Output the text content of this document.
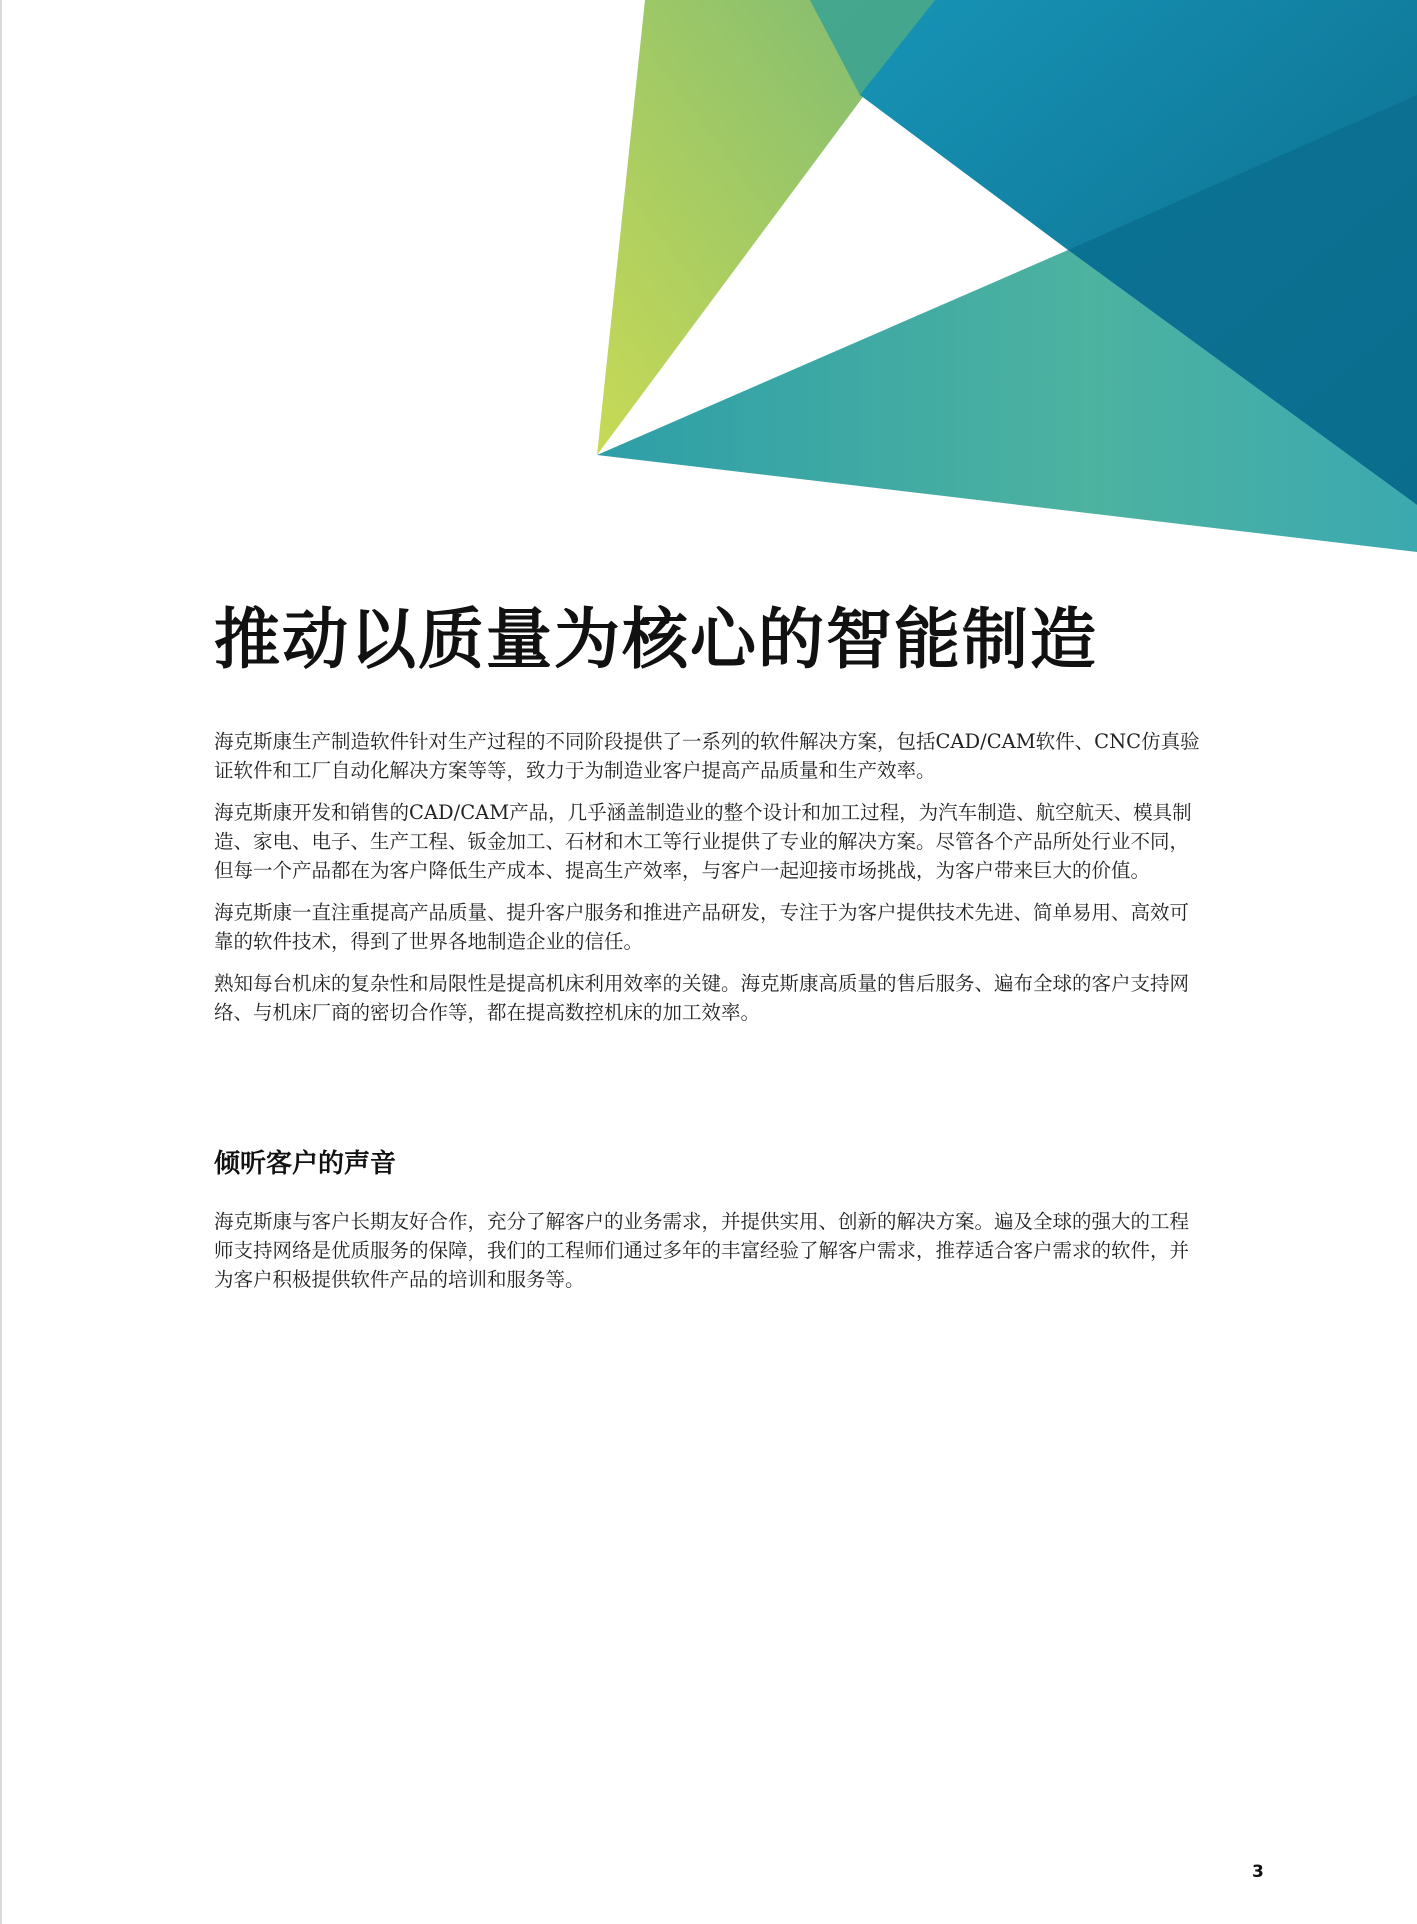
推动以质量为核心的智能制造

海克斯康生产制造软件针对生产过程的不同阶段提供了一系列的软件解决方案，包括CAD/CAM软件、CNC仿真验证软件和工厂自动化解决方案等等，致力于为制造业客户提高产品质量和生产效率。

海克斯康开发和销售的CAD/CAM产品，几乎涵盖制造业的整个设计和加工过程，为汽车制造、航空航天、模具制造、家电、电子、生产工程、钣金加工、石材和木工等行业提供了专业的解决方案。尽管各个产品所处行业不同，但每一个产品都在为客户降低生产成本、提高生产效率，与客户一起迎接市场挑战，为客户带来巨大的价值。

海克斯康一直注重提高产品质量、提升客户服务和推进产品研发，专注于为客户提供技术先进、简单易用、高效可靠的软件技术，得到了世界各地制造企业的信任。

熟知每台机床的复杂性和局限性是提高机床利用效率的关键。海克斯康高质量的售后服务、遍布全球的客户支持网络、与机床厂商的密切合作等，都在提高数控机床的加工效率。

倾听客户的声音

海克斯康与客户长期友好合作，充分了解客户的业务需求，并提供实用、创新的解决方案。遍及全球的强大的工程师支持网络是优质服务的保障，我们的工程师们通过多年的丰富经验了解客户需求，推荐适合客户需求的软件，并为客户积极提供软件产品的培训和服务等。

3
